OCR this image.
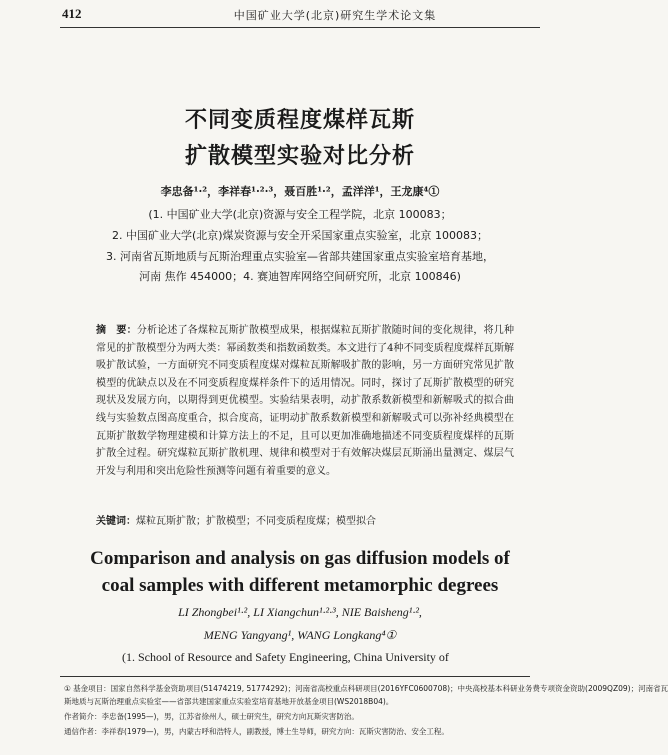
412	中国矿业大学(北京)研究生学术论文集
不同变质程度煤样瓦斯
扩散模型实验对比分析
李忠备¹·²，李祥春¹·²·³，聂百胜¹·²，孟洋洋¹，王龙康⁴①
(1. 中国矿业大学(北京)资源与安全工程学院，北京 100083；
2. 中国矿业大学(北京)煤炭资源与安全开采国家重点实验室，北京 100083；
3. 河南省瓦斯地质与瓦斯治理重点实验室—省部共建国家重点实验室培育基地，
河南 焦作 454000；4. 赛迪智库网络空间研究所，北京 100846)
摘　要：分析论述了各煤粒瓦斯扩散模型成果，根据煤粒瓦斯扩散随时间的变化规律，将几种常见的扩散模型分为两大类：幂函数类和指数函数类。本文进行了4种不同变质程度煤样瓦斯解吸扩散试验，一方面研究不同变质程度煤对煤粒瓦斯解吸扩散的影响，另一方面研究常见扩散模型的优缺点以及在不同变质程度煤样条件下的适用情况。同时，探讨了瓦斯扩散模型的研究现状及发展方向，以期得到更优模型。实验结果表明，动扩散系数新模型和新解吸式的拟合曲线与实验数点图高度重合，拟合度高，证明动扩散系数新模型和新解吸式可以弥补经典模型在瓦斯扩散数学物理建模和计算方法上的不足，且可以更加准确地描述不同变质程度煤样的瓦斯扩散全过程。研究煤粒瓦斯扩散机理、规律和模型对于有效解决煤层瓦斯涌出量测定、煤层气开发与利用和突出危险性预测等问题有着重要的意义。
关键词：煤粒瓦斯扩散；扩散模型；不同变质程度煤；模型拟合
Comparison and analysis on gas diffusion models of
coal samples with different metamorphic degrees
LI Zhongbei¹·², LI Xiangchun¹·²·³, NIE Baisheng¹·²,
MENG Yangyang¹, WANG Longkang⁴①
(1. School of Resource and Safety Engineering, China University of
① 基金项目：国家自然科学基金资助项目(51474219, 51774292)；河南省高校重点科研项目(2016YFC0600708)；中央高校基本科研业务费专项资金资助(2009QZ09)；河南省瓦
斯地质与瓦斯治理重点实验室——省部共建国家重点实验室培育基地开放基金项目(WS2018B04)。
作者简介：李忠备(1995—)，男，江苏省徐州人，硕士研究生，研究方向瓦斯灾害防治。
通信作者：李祥春(1979—)，男，内蒙古呼和浩特人，副教授，博士生导师，研究方向：瓦斯灾害防治、安全工程。
